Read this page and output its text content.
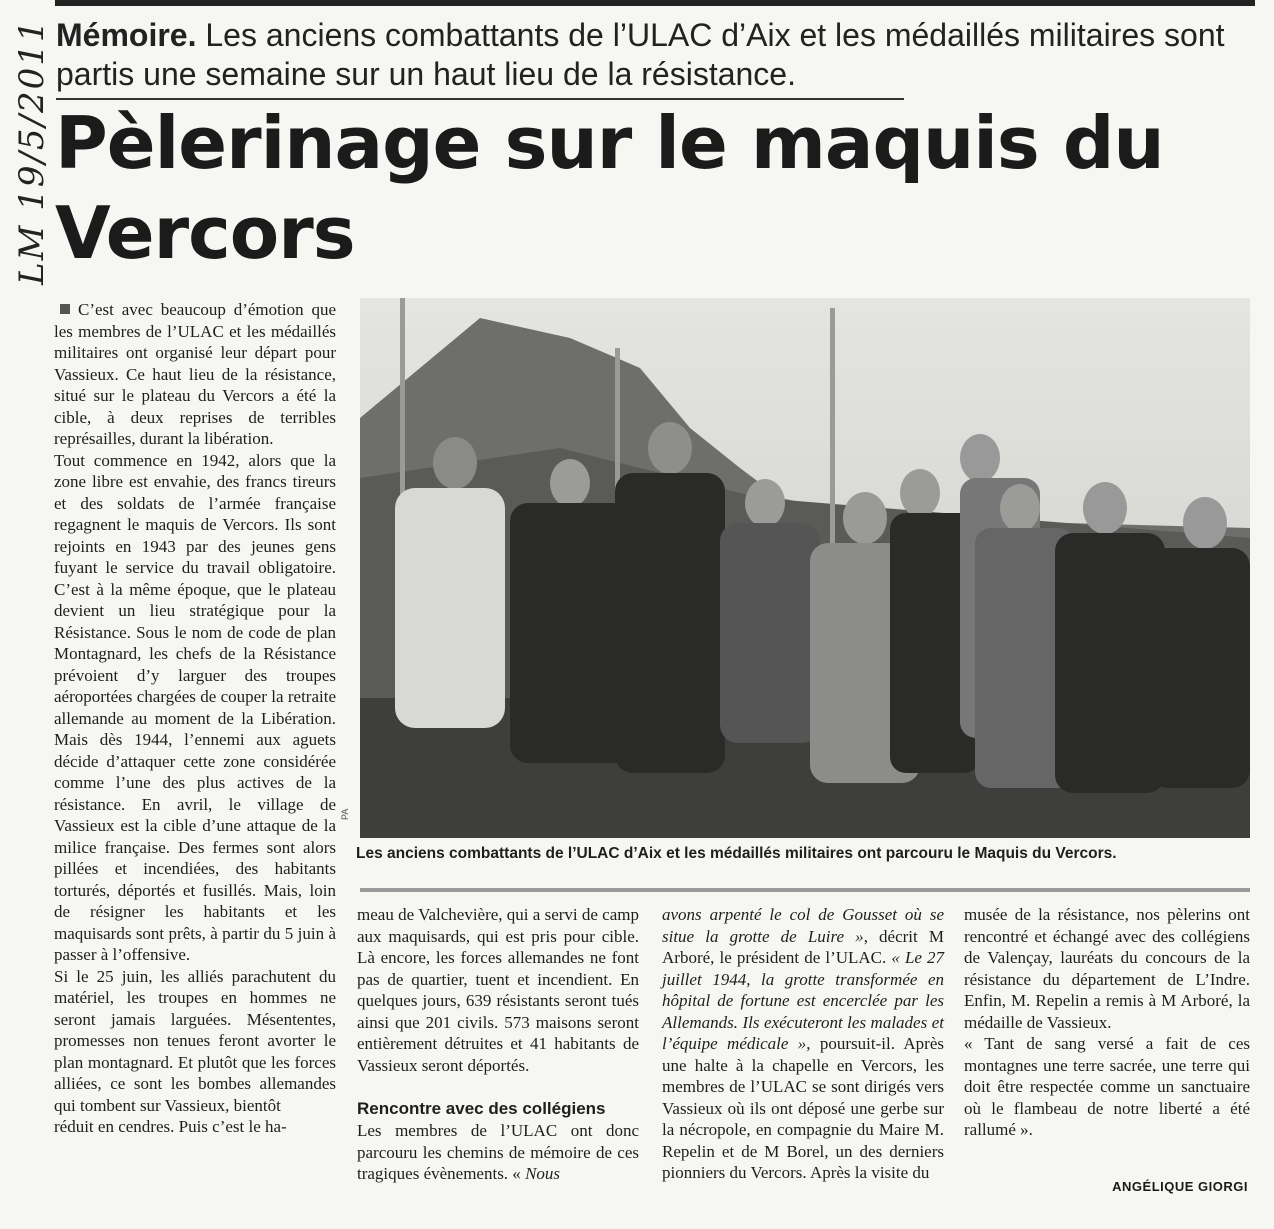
LM 19/5/2011 Mémoire. Les anciens combattants de l’ULAC d’Aix et les médaillés militaires sont partis une semaine sur un haut lieu de la résistance.
Pèlerinage sur le maquis du Vercors

C’est avec beaucoup d’émotion que les membres de l’ULAC et les médaillés militaires ont organisé leur départ pour Vassieux. Ce haut lieu de la résistance, situé sur le plateau du Vercors a été la cible, à deux reprises de terribles représailles, durant la libération.

Tout commence en 1942, alors que la zone libre est envahie, des francs tireurs et des soldats de l’armée française regagnent le maquis de Vercors. Ils sont rejoints en 1943 par des jeunes gens fuyant le service du travail obligatoire. C’est à la même époque, que le plateau devient un lieu stratégique pour la Résistance. Sous le nom de code de plan Montagnard, les chefs de la Résistance prévoient d’y larguer des troupes aéroportées chargées de couper la retraite allemande au moment de la Libération. Mais dès 1944, l’ennemi aux aguets décide d’attaquer cette zone considérée comme l’une des plus actives de la résistance. En avril, le village de Vassieux est la cible d’une attaque de la milice française. Des fermes sont alors pillées et incendiées, des habitants torturés, déportés et fusillés. Mais, loin de résigner les habitants et les maquisards sont prêts, à partir du 5 juin à passer à l’offensive.

Si le 25 juin, les alliés parachutent du matériel, les troupes en hommes ne seront jamais larguées. Mésententes, promesses non tenues feront avorter le plan montagnard. Et plutôt que les forces alliées, ce sont les bombes allemandes qui tombent sur Vassieux, bientôt

réduit en cendres. Puis c’est le ha-

PA
Les anciens combattants de l’ULAC d’Aix et les médaillés militaires ont parcouru le Maquis du Vercors.

meau de Valchevière, qui a servi de camp aux maquisards, qui est pris pour cible. Là encore, les forces allemandes ne font pas de quartier, tuent et incendient. En quelques jours, 639 résistants seront tués ainsi que 201 civils. 573 maisons seront entièrement détruites et 41 habitants de Vassieux seront déportés.

Rencontre avec des collégiens

Les membres de l’ULAC ont donc parcouru les chemins de mémoire de ces tragiques évènements. « Nous

avons arpenté le col de Gousset où se situe la grotte de Luire », décrit M Arboré, le président de l’ULAC. « Le 27 juillet 1944, la grotte transformée en hôpital de fortune est encerclée par les Allemands. Ils exécuteront les malades et l’équipe médicale », poursuit-il. Après une halte à la chapelle en Vercors, les membres de l’ULAC se sont dirigés vers Vassieux où ils ont déposé une gerbe sur la nécropole, en compagnie du Maire M. Repelin et de M Borel, un des derniers pionniers du Vercors. Après la visite du

musée de la résistance, nos pèlerins ont rencontré et échangé avec des collégiens de Valençay, lauréats du concours de la résistance du département de L’Indre. Enfin, M. Repelin a remis à M Arboré, la médaille de Vassieux.

« Tant de sang versé a fait de ces montagnes une terre sacrée, une terre qui doit être respectée comme un sanctuaire où le flambeau de notre liberté a été rallumé ».

ANGÉLIQUE GIORGI
